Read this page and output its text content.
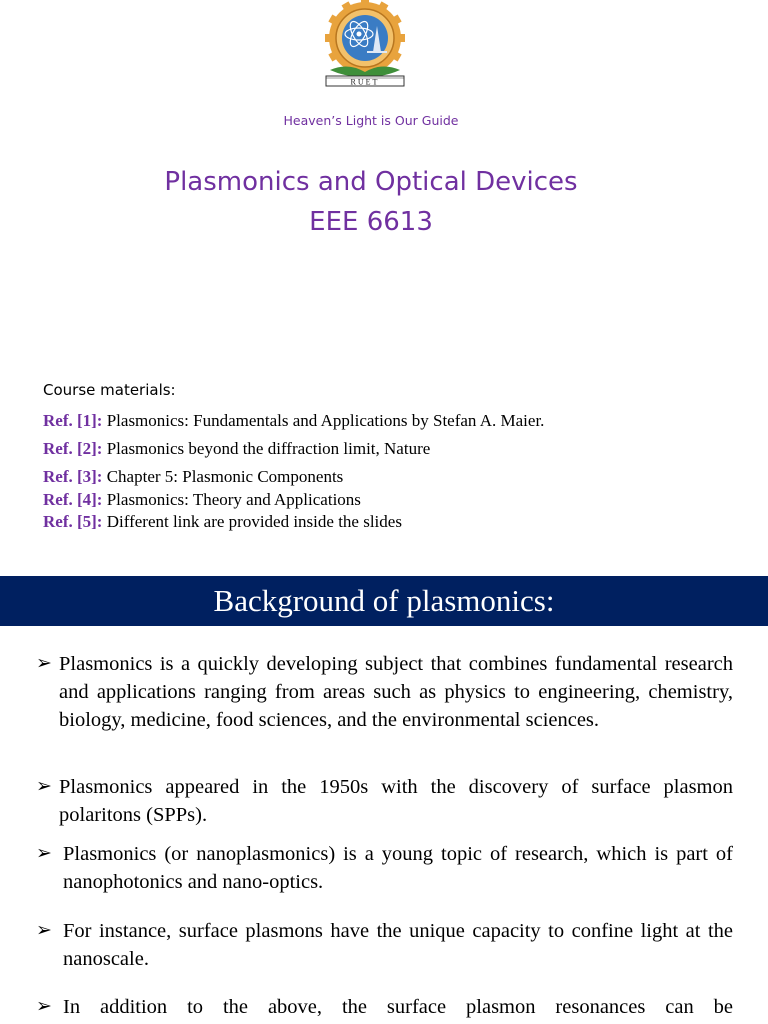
RUET
Heaven’s Light is Our Guide
Plasmonics and Optical Devices
EEE 6613
Course materials:
Ref. [1]: Plasmonics: Fundamentals and Applications by Stefan A. Maier.
Ref. [2]: Plasmonics beyond the diffraction limit, Nature
Ref. [3]: Chapter 5: Plasmonic Components
Ref. [4]: Plasmonics: Theory and Applications
Ref. [5]: Different link are provided inside the slides
Background of plasmonics:
➢ Plasmonics is a quickly developing subject that combines fundamental research and applications ranging from areas such as physics to engineering, chemistry, biology, medicine, food sciences, and the environmental sciences.
➢ Plasmonics appeared in the 1950s with the discovery of surface plasmon polaritons (SPPs).
➢ Plasmonics (or nanoplasmonics) is a young topic of research, which is part of nanophotonics and nano-optics.
➢ For instance, surface plasmons have the unique capacity to confine light at the nanoscale.
➢ In addition to the above, the surface plasmon resonances can be
